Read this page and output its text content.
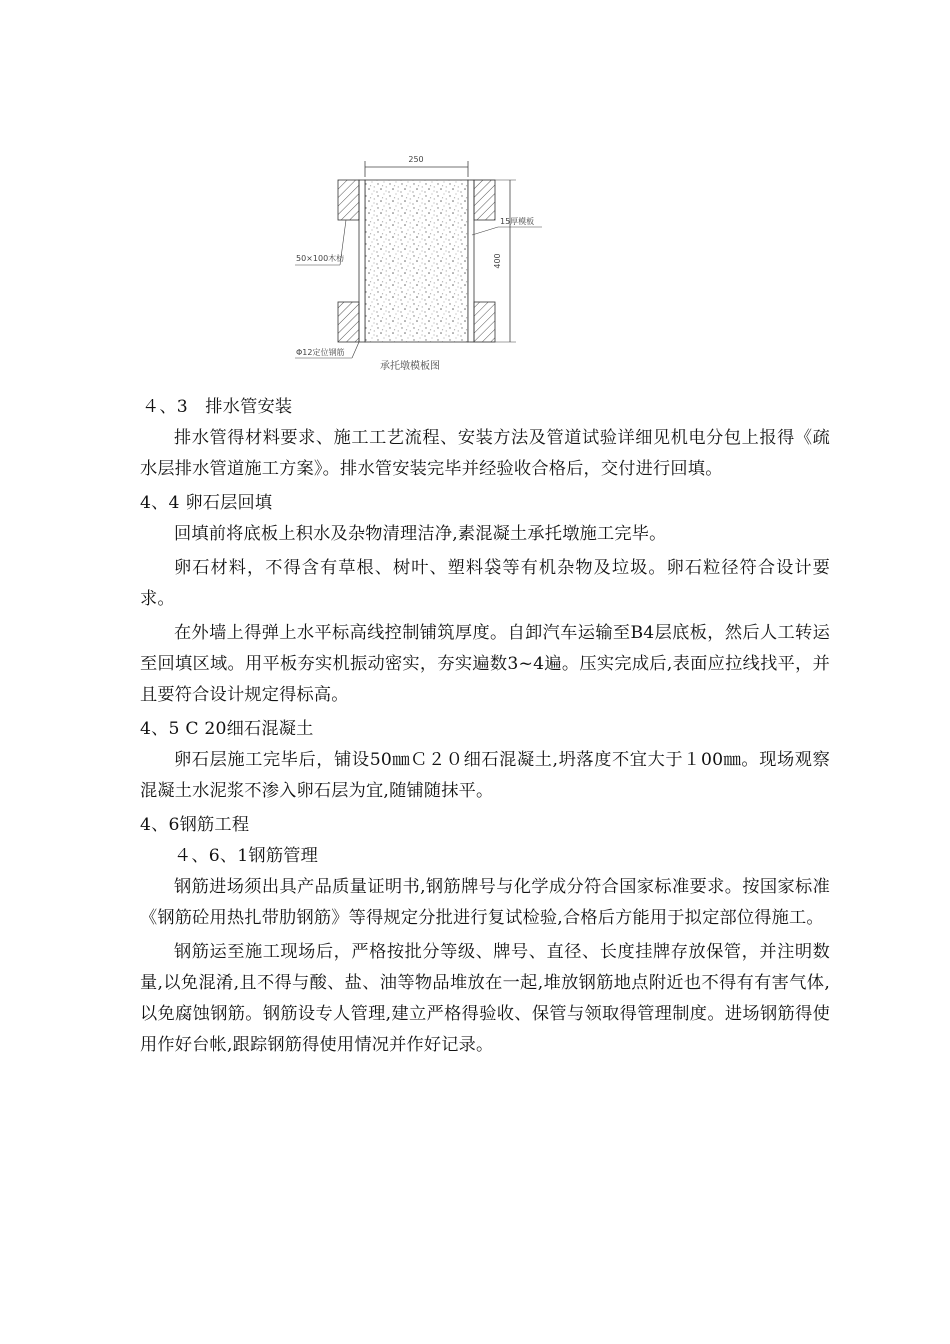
250
400
15厚模板
50×100木枋
Φ12定位钢筋
承托墩模板图

４、3　排水管安装

排水管得材料要求、施工工艺流程、安装方法及管道试验详细见机电分包上报得《疏水层排水管道施工方案》。排水管安装完毕并经验收合格后，交付进行回填。

4、4 卵石层回填

回填前将底板上积水及杂物清理洁净,素混凝土承托墩施工完毕。

卵石材料，不得含有草根、树叶、塑料袋等有机杂物及垃圾。卵石粒径符合设计要求。

在外墙上得弹上水平标高线控制铺筑厚度。自卸汽车运输至B4层底板，然后人工转运至回填区域。用平板夯实机振动密实，夯实遍数3~4遍。压实完成后,表面应拉线找平，并且要符合设计规定得标高。

4、5 C 20细石混凝土

卵石层施工完毕后，铺设50㎜Ｃ２０细石混凝土,坍落度不宜大于１00㎜。现场观察混凝土水泥浆不渗入卵石层为宜,随铺随抹平。

4、6钢筋工程

４、6、1钢筋管理

钢筋进场须出具产品质量证明书,钢筋牌号与化学成分符合国家标准要求。按国家标准《钢筋砼用热扎带肋钢筋》等得规定分批进行复试检验,合格后方能用于拟定部位得施工。

钢筋运至施工现场后，严格按批分等级、牌号、直径、长度挂牌存放保管，并注明数量,以免混淆,且不得与酸、盐、油等物品堆放在一起,堆放钢筋地点附近也不得有有害气体,以免腐蚀钢筋。钢筋设专人管理,建立严格得验收、保管与领取得管理制度。进场钢筋得使用作好台帐,跟踪钢筋得使用情况并作好记录。
